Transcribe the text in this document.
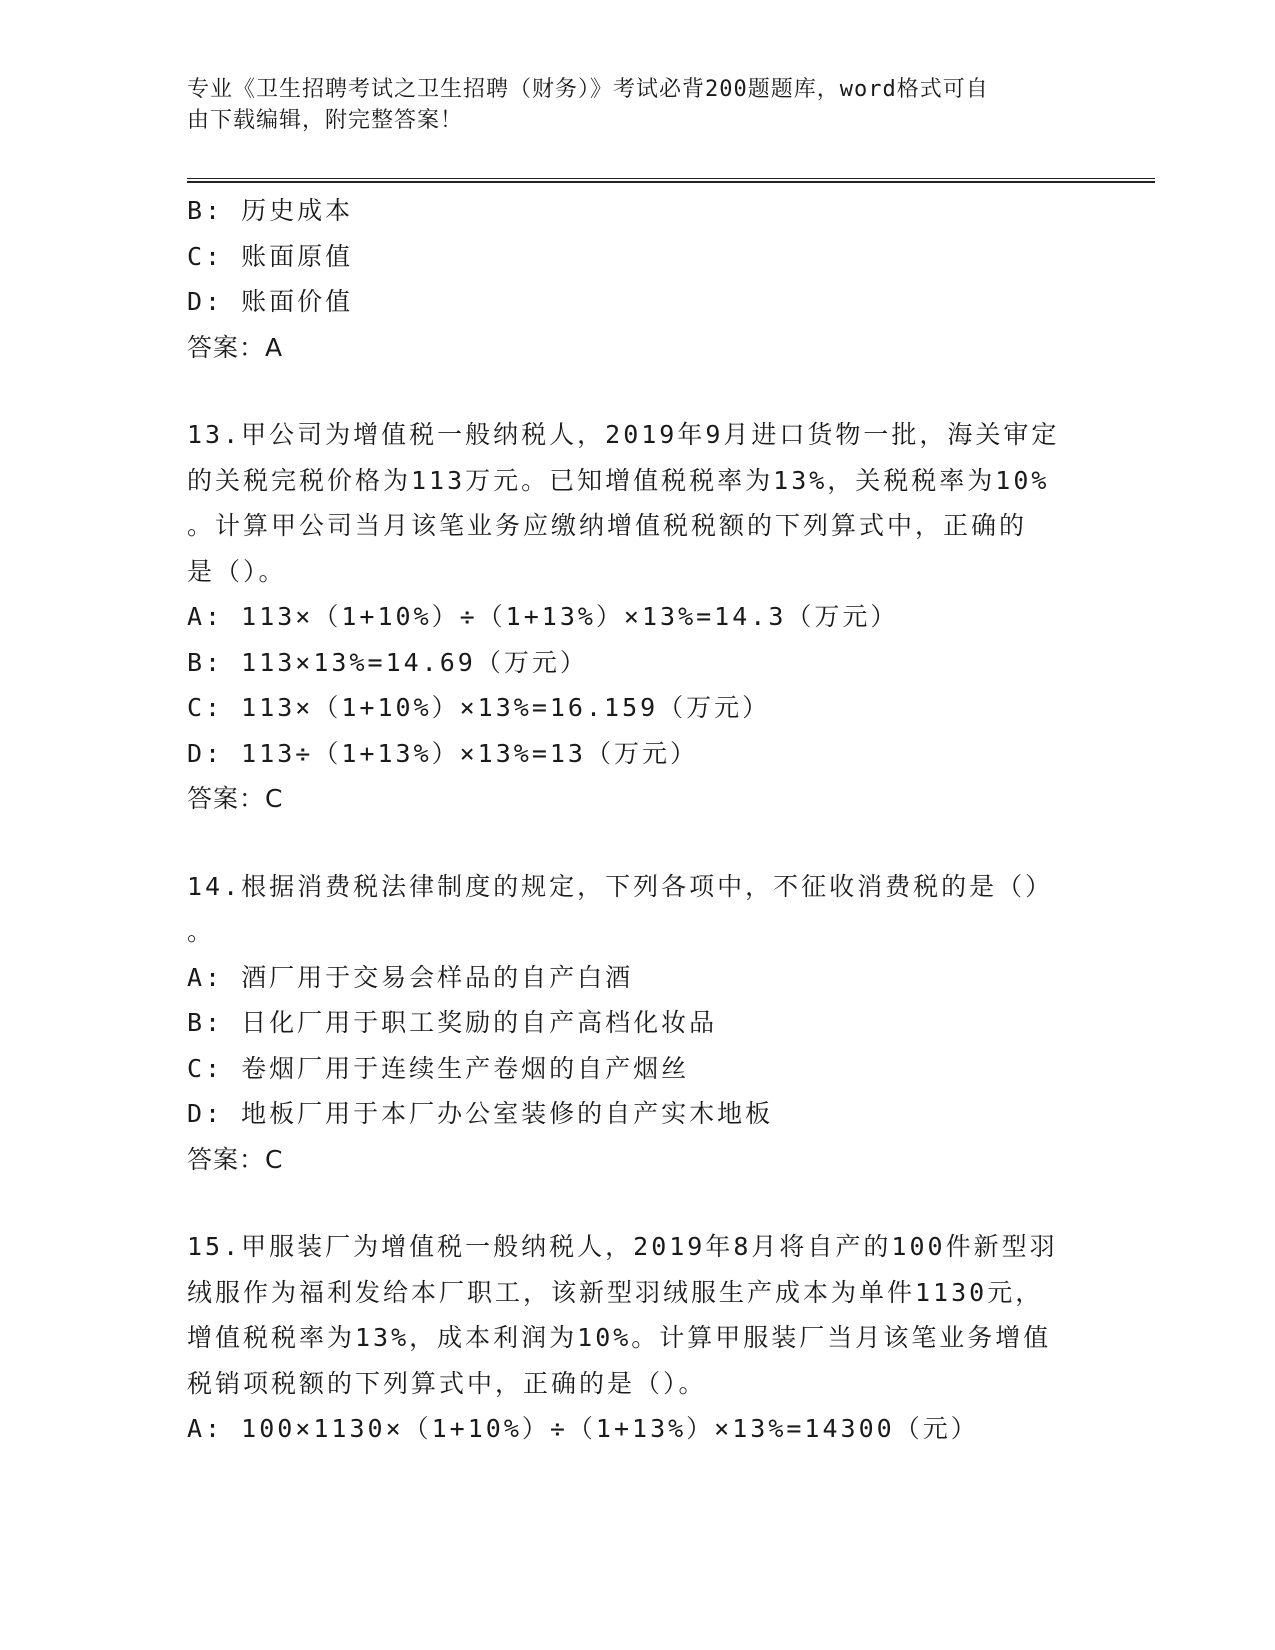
专业《卫生招聘考试之卫生招聘（财务）》考试必背200题题库，word格式可自
由下载编辑，附完整答案！
B: 历史成本
C: 账面原值
D: 账面价值
答案：A
13.甲公司为增值税一般纳税人，2019年9月进口货物一批，海关审定
的关税完税价格为113万元。已知增值税税率为13%，关税税率为10%
。计算甲公司当月该笔业务应缴纳增值税税额的下列算式中，正确的
是（）。
A: 113×（1+10%）÷（1+13%）×13%=14.3（万元）
B: 113×13%=14.69（万元）
C: 113×（1+10%）×13%=16.159（万元）
D: 113÷（1+13%）×13%=13（万元）
答案：C
14.根据消费税法律制度的规定，下列各项中，不征收消费税的是（）
。
A: 酒厂用于交易会样品的自产白酒
B: 日化厂用于职工奖励的自产高档化妆品
C: 卷烟厂用于连续生产卷烟的自产烟丝
D: 地板厂用于本厂办公室装修的自产实木地板
答案：C
15.甲服装厂为增值税一般纳税人，2019年8月将自产的100件新型羽
绒服作为福利发给本厂职工，该新型羽绒服生产成本为单件1130元，
增值税税率为13%，成本利润为10%。计算甲服装厂当月该笔业务增值
税销项税额的下列算式中，正确的是（）。
A: 100×1130×（1+10%）÷（1+13%）×13%=14300（元）
